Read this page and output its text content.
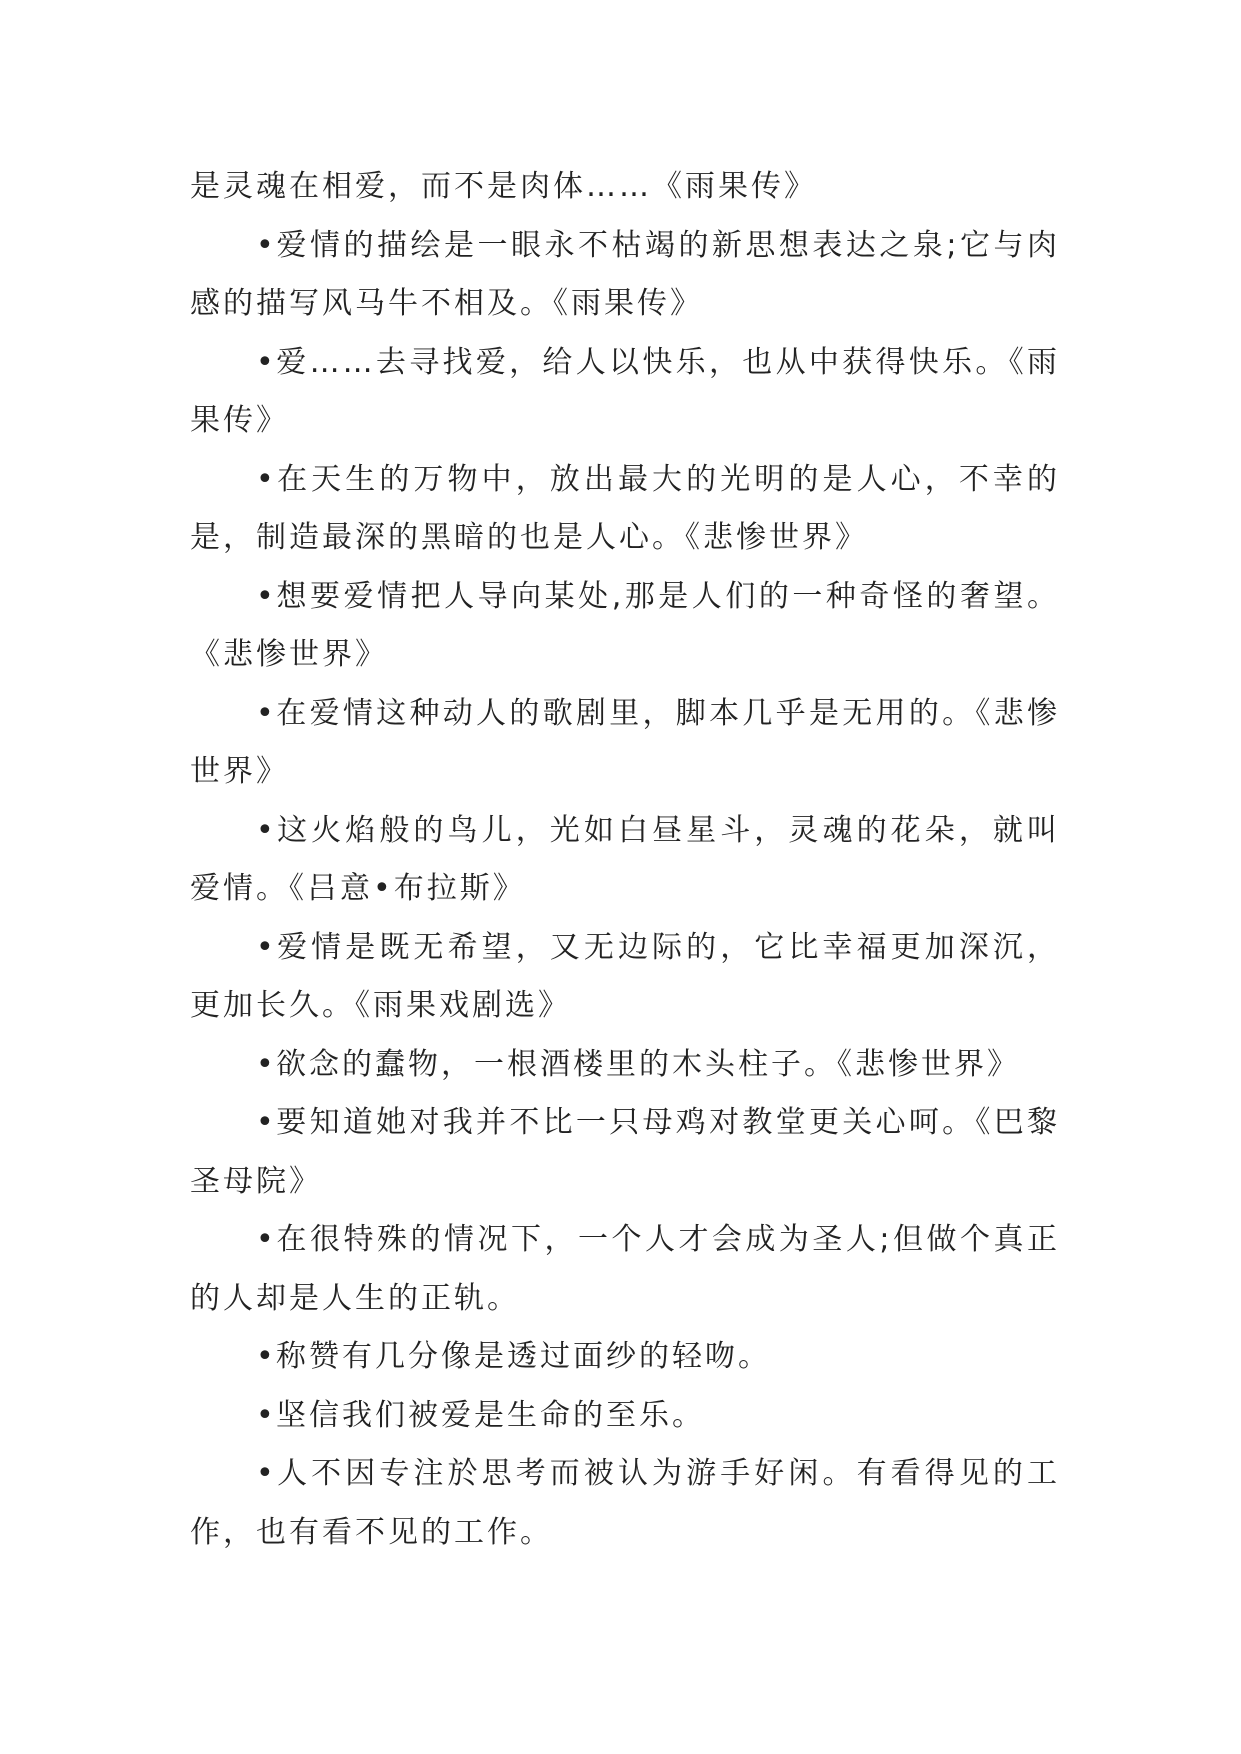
是灵魂在相爱，而不是肉体……《雨果传》

•爱情的描绘是一眼永不枯竭的新思想表达之泉;它与肉感的描写风马牛不相及。《雨果传》

•爱……去寻找爱，给人以快乐，也从中获得快乐。《雨果传》

•在天生的万物中，放出最大的光明的是人心，不幸的是，制造最深的黑暗的也是人心。《悲惨世界》

•想要爱情把人导向某处,那是人们的一种奇怪的奢望。《悲惨世界》

•在爱情这种动人的歌剧里，脚本几乎是无用的。《悲惨世界》

•这火焰般的鸟儿，光如白昼星斗，灵魂的花朵，就叫爱情。《吕意•布拉斯》

•爱情是既无希望，又无边际的，它比幸福更加深沉，更加长久。《雨果戏剧选》

•欲念的蠢物，一根酒楼里的木头柱子。《悲惨世界》

•要知道她对我并不比一只母鸡对教堂更关心呵。《巴黎圣母院》

•在很特殊的情况下，一个人才会成为圣人;但做个真正的人却是人生的正轨。

•称赞有几分像是透过面纱的轻吻。

•坚信我们被爱是生命的至乐。

•人不因专注於思考而被认为游手好闲。有看得见的工作，也有看不见的工作。
